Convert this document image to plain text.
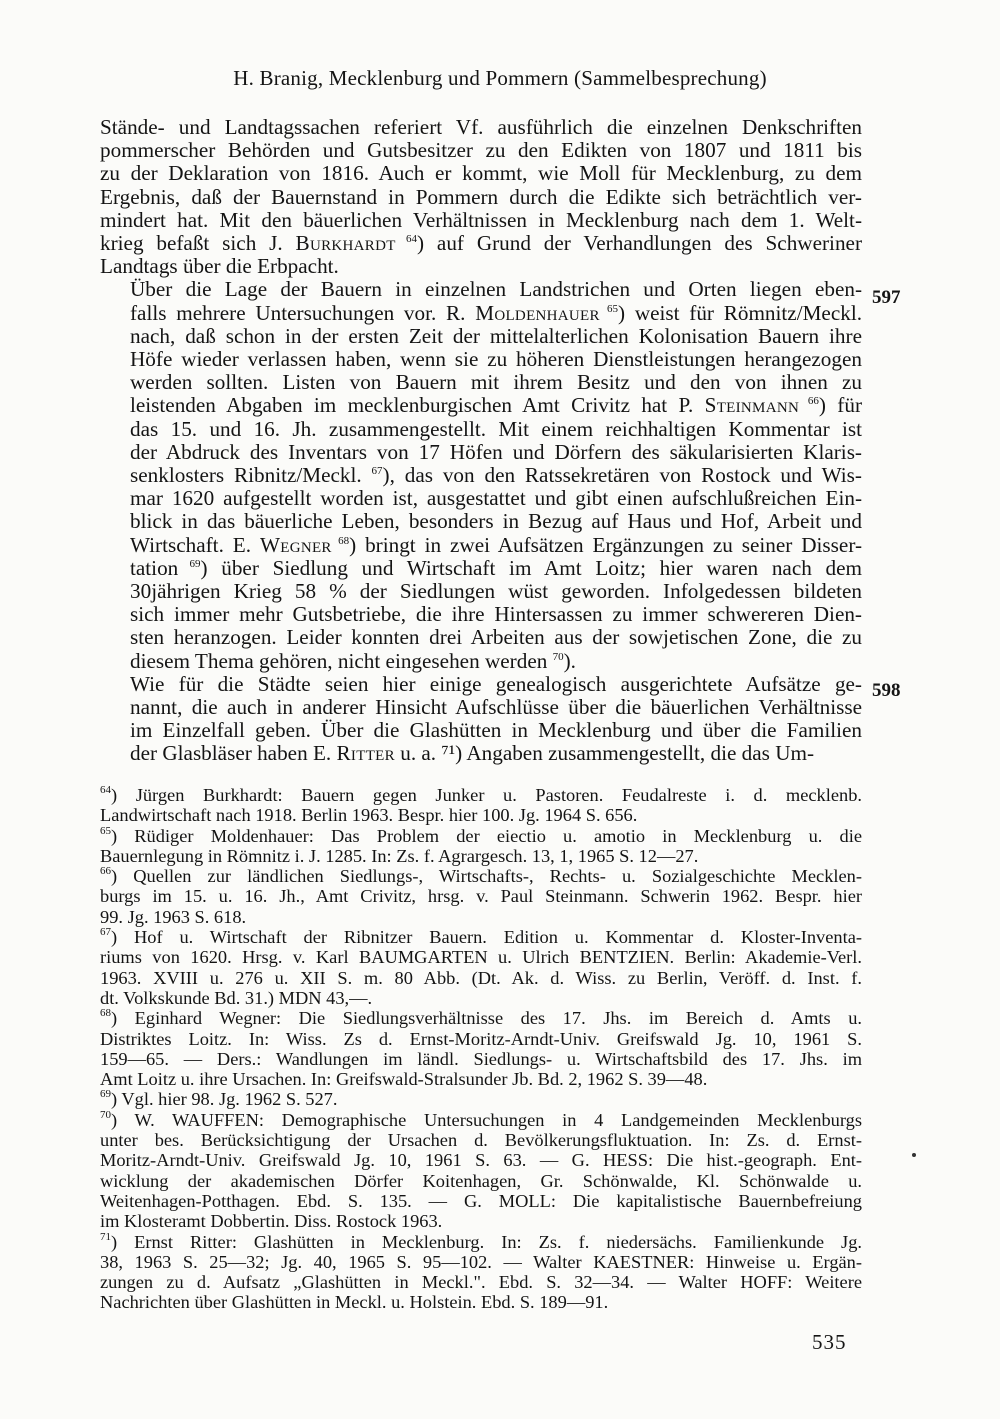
H. Branig, Mecklenburg und Pommern (Sammelbesprechung)

Stände- und Landtagssachen referiert Vf. ausführlich die einzelnen Denkschriften
pommerscher Behörden und Gutsbesitzer zu den Edikten von 1807 und 1811 bis
zu der Deklaration von 1816. Auch er kommt, wie Moll für Mecklenburg, zu dem
Ergebnis, daß der Bauernstand in Pommern durch die Edikte sich beträchtlich ver-
mindert hat. Mit den bäuerlichen Verhältnissen in Mecklenburg nach dem 1. Welt-
krieg befaßt sich J. Burkhardt $^{64}$) auf Grund der Verhandlungen des Schweriner
Landtags über die Erbpacht.

Über die Lage der Bauern in einzelnen Landstrichen und Orten liegen eben-
falls mehrere Untersuchungen vor. R. Moldenhauer $^{65}$) weist für Römnitz/Meckl.
nach, daß schon in der ersten Zeit der mittelalterlichen Kolonisation Bauern ihre
Höfe wieder verlassen haben, wenn sie zu höheren Dienstleistungen herangezogen
werden sollten. Listen von Bauern mit ihrem Besitz und den von ihnen zu
leistenden Abgaben im mecklenburgischen Amt Crivitz hat P. Steinmann $^{66}$) für
das 15. und 16. Jh. zusammengestellt. Mit einem reichhaltigen Kommentar ist
der Abdruck des Inventars von 17 Höfen und Dörfern des säkularisierten Klaris-
senklosters Ribnitz/Meckl. $^{67}$), das von den Ratssekretären von Rostock und Wis-
mar 1620 aufgestellt worden ist, ausgestattet und gibt einen aufschlußreichen Ein-
blick in das bäuerliche Leben, besonders in Bezug auf Haus und Hof, Arbeit und
Wirtschaft. E. Wegner $^{68}$) bringt in zwei Aufsätzen Ergänzungen zu seiner Disser-
tation $^{69}$) über Siedlung und Wirtschaft im Amt Loitz; hier waren nach dem
30jährigen Krieg 58 % der Siedlungen wüst geworden. Infolgedessen bildeten
sich immer mehr Gutsbetriebe, die ihre Hintersassen zu immer schwereren Dien-
sten heranzogen. Leider konnten drei Arbeiten aus der sowjetischen Zone, die zu
diesem Thema gehören, nicht eingesehen werden $^{70}$).

Wie für die Städte seien hier einige genealogisch ausgerichtete Aufsätze ge-
nannt, die auch in anderer Hinsicht Aufschlüsse über die bäuerlichen Verhältnisse
im Einzelfall geben. Über die Glashütten in Mecklenburg und über die Familien
der Glasbläser haben E. Ritter u. a. ⁷¹) Angaben zusammengestellt, die das Um-

597
598

$^{64}$) Jürgen Burkhardt: Bauern gegen Junker u. Pastoren. Feudalreste i. d. mecklenb.
Landwirtschaft nach 1918. Berlin 1963. Bespr. hier 100. Jg. 1964 S. 656.

$^{65}$) Rüdiger Moldenhauer: Das Problem der eiectio u. amotio in Mecklenburg u. die
Bauernlegung in Römnitz i. J. 1285. In: Zs. f. Agrargesch. 13, 1, 1965 S. 12—27.

$^{66}$) Quellen zur ländlichen Siedlungs-, Wirtschafts-, Rechts- u. Sozialgeschichte Mecklen-
burgs im 15. u. 16. Jh., Amt Crivitz, hrsg. v. Paul Steinmann. Schwerin 1962. Bespr. hier
99. Jg. 1963 S. 618.

$^{67}$) Hof u. Wirtschaft der Ribnitzer Bauern. Edition u. Kommentar d. Kloster-Inventa-
riums von 1620. Hrsg. v. Karl BAUMGARTEN u. Ulrich BENTZIEN. Berlin: Akademie-Verl.
1963. XVIII u. 276 u. XII S. m. 80 Abb. (Dt. Ak. d. Wiss. zu Berlin, Veröff. d. Inst. f.
dt. Volkskunde Bd. 31.) MDN 43,—.

$^{68}$) Eginhard Wegner: Die Siedlungsverhältnisse des 17. Jhs. im Bereich d. Amts u.
Distriktes Loitz. In: Wiss. Zs d. Ernst-Moritz-Arndt-Univ. Greifswald Jg. 10, 1961 S.
159—65. — Ders.: Wandlungen im ländl. Siedlungs- u. Wirtschaftsbild des 17. Jhs. im
Amt Loitz u. ihre Ursachen. In: Greifswald-Stralsunder Jb. Bd. 2, 1962 S. 39—48.

$^{69}$) Vgl. hier 98. Jg. 1962 S. 527.

$^{70}$) W. WAUFFEN: Demographische Untersuchungen in 4 Landgemeinden Mecklenburgs
unter bes. Berücksichtigung der Ursachen d. Bevölkerungsfluktuation. In: Zs. d. Ernst-
Moritz-Arndt-Univ. Greifswald Jg. 10, 1961 S. 63. — G. HESS: Die hist.-geograph. Ent-
wicklung der akademischen Dörfer Koitenhagen, Gr. Schönwalde, Kl. Schönwalde u.
Weitenhagen-Potthagen. Ebd. S. 135. — G. MOLL: Die kapitalistische Bauernbefreiung
im Klosteramt Dobbertin. Diss. Rostock 1963.

$^{71}$) Ernst Ritter: Glashütten in Mecklenburg. In: Zs. f. niedersächs. Familienkunde Jg.
38, 1963 S. 25—32; Jg. 40, 1965 S. 95—102. — Walter KAESTNER: Hinweise u. Ergän-
zungen zu d. Aufsatz „Glashütten in Meckl.". Ebd. S. 32—34. — Walter HOFF: Weitere
Nachrichten über Glashütten in Meckl. u. Holstein. Ebd. S. 189—91.

535
